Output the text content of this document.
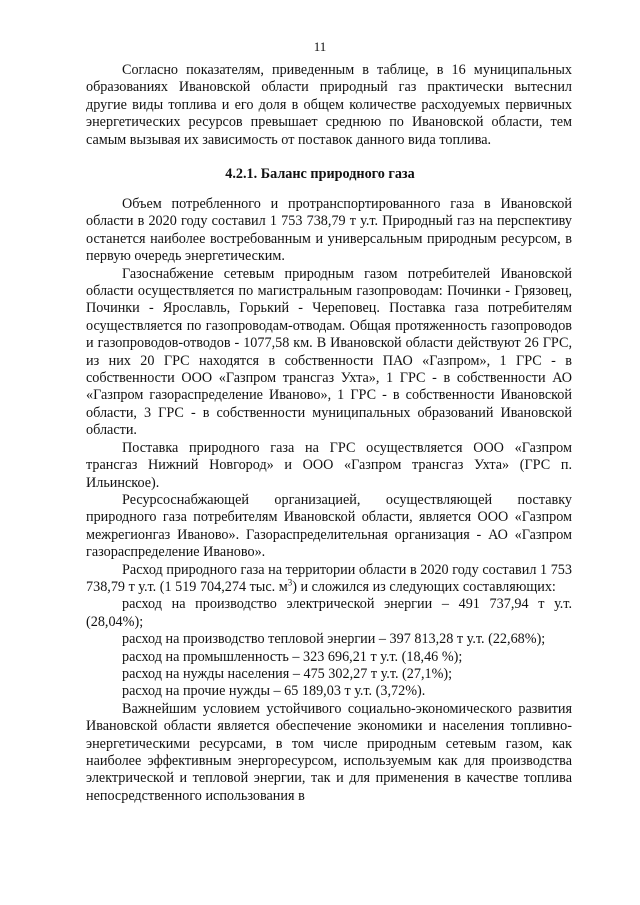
11

Согласно показателям, приведенным в таблице, в 16 муниципальных образованиях Ивановской области природный газ практически вытеснил другие виды топлива и его доля в общем количестве расходуемых первичных энергетических ресурсов превышает среднюю по Ивановской области, тем самым вызывая их зависимость от поставок данного вида топлива.

4.2.1. Баланс природного газа

Объем потребленного и протранспортированного газа в Ивановской области в 2020 году составил 1 753 738,79 т у.т. Природный газ на перспективу останется наиболее востребованным и универсальным природным ресурсом, в первую очередь энергетическим.

Газоснабжение сетевым природным газом потребителей Ивановской области осуществляется по магистральным газопроводам: Починки - Грязовец, Починки - Ярославль, Горький - Череповец. Поставка газа потребителям осуществляется по газопроводам-отводам. Общая протяженность газопроводов и газопроводов-отводов - 1077,58 км. В Ивановской области действуют 26 ГРС, из них 20 ГРС находятся в собственности ПАО «Газпром», 1 ГРС - в собственности ООО «Газпром трансгаз Ухта», 1 ГРС - в собственности АО «Газпром газораспределение Иваново», 1 ГРС - в собственности Ивановской области, 3 ГРС - в собственности муниципальных образований Ивановской области.

Поставка природного газа на ГРС осуществляется ООО «Газпром трансгаз Нижний Новгород» и ООО «Газпром трансгаз Ухта» (ГРС п. Ильинское).

Ресурсоснабжающей организацией, осуществляющей поставку природного газа потребителям Ивановской области, является ООО «Газпром межрегионгаз Иваново». Газораспределительная организация - АО «Газпром газораспределение Иваново».

Расход природного газа на территории области в 2020 году составил 1 753 738,79 т у.т. (1 519 704,274 тыс. $м^3$) и сложился из следующих составляющих:

расход на производство электрической энергии – 491 737,94 т у.т. (28,04%);

расход на производство тепловой энергии – 397 813,28 т у.т. (22,68%);

расход на промышленность – 323 696,21 т у.т. (18,46 %);

расход на нужды населения – 475 302,27 т у.т. (27,1%);

расход на прочие нужды – 65 189,03 т у.т. (3,72%).

Важнейшим условием устойчивого социально-экономического развития Ивановской области является обеспечение экономики и населения топливно-энергетическими ресурсами, в том числе природным сетевым газом, как наиболее эффективным энергоресурсом, используемым как для производства электрической и тепловой энергии, так и для применения в качестве топлива непосредственного использования в
